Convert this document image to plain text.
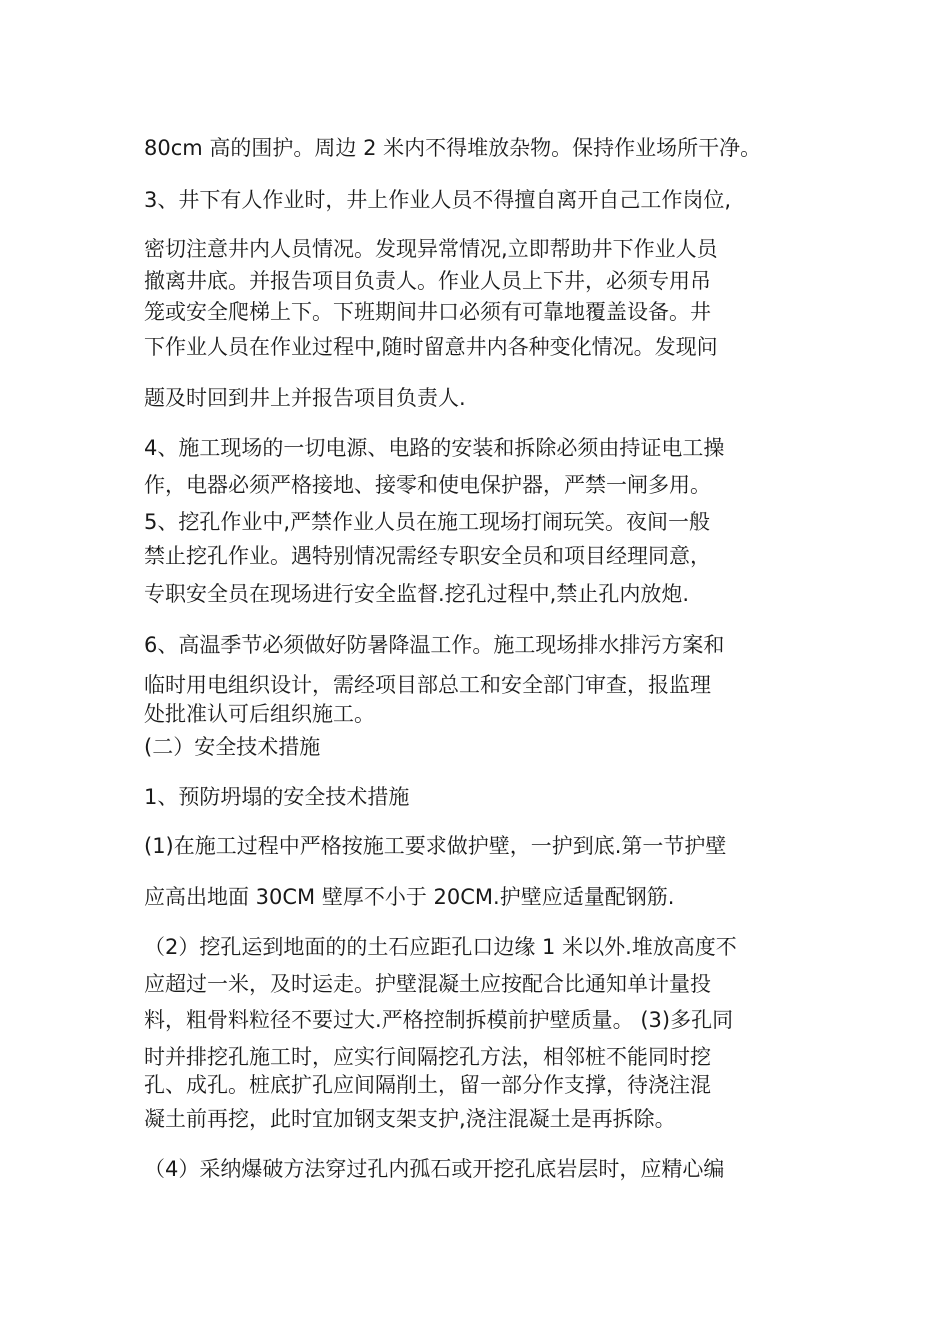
80cm 高的围护。周边 2 米内不得堆放杂物。保持作业场所干净。
3、井下有人作业时，井上作业人员不得擅自离开自己工作岗位,
密切注意井内人员情况。发现异常情况,立即帮助井下作业人员
撤离井底。并报告项目负责人。作业人员上下井，必须专用吊
笼或安全爬梯上下。下班期间井口必须有可靠地覆盖设备。井
下作业人员在作业过程中,随时留意井内各种变化情况。发现问
题及时回到井上并报告项目负责人.
4、施工现场的一切电源、电路的安装和拆除必须由持证电工操
作，电器必须严格接地、接零和使电保护器，严禁一闸多用。
5、挖孔作业中,严禁作业人员在施工现场打闹玩笑。夜间一般
禁止挖孔作业。遇特别情况需经专职安全员和项目经理同意，
专职安全员在现场进行安全监督.挖孔过程中,禁止孔内放炮.
6、高温季节必须做好防暑降温工作。施工现场排水排污方案和
临时用电组织设计，需经项目部总工和安全部门审查，报监理
处批准认可后组织施工。
(二）安全技术措施
1、预防坍塌的安全技术措施
(1)在施工过程中严格按施工要求做护壁，一护到底.第一节护壁
应高出地面 30CM 壁厚不小于 20CM.护壁应适量配钢筋.
（2）挖孔运到地面的的土石应距孔口边缘 1 米以外.堆放高度不
应超过一米，及时运走。护壁混凝土应按配合比通知单计量投
料，粗骨料粒径不要过大.严格控制拆模前护壁质量。 (3)多孔同
时并排挖孔施工时，应实行间隔挖孔方法，相邻桩不能同时挖
孔、成孔。桩底扩孔应间隔削土，留一部分作支撑，待浇注混
凝土前再挖，此时宜加钢支架支护,浇注混凝土是再拆除。
（4）采纳爆破方法穿过孔内孤石或开挖孔底岩层时，应精心编
